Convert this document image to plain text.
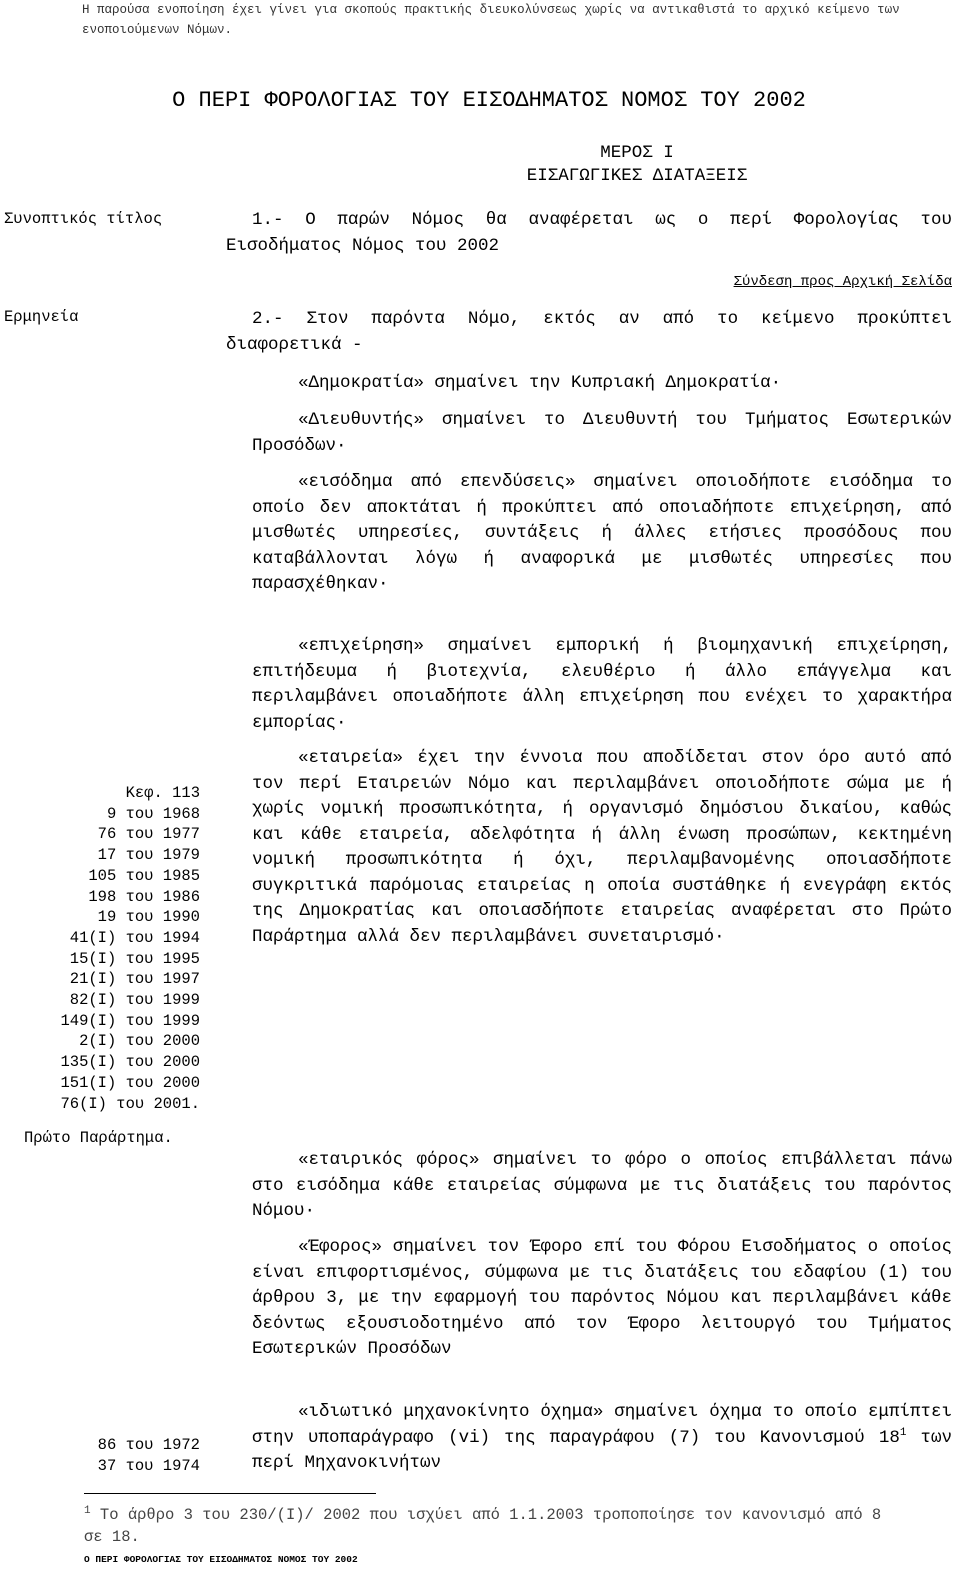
Η παρούσα ενοποίηση έχει γίνει για σκοπούς πρακτικής διευκολύνσεως χωρίς να αντικαθιστά το αρχικό κείμενο των ενοποιούμενων Νόμων.
Ο ΠΕΡΙ ΦΟΡΟΛΟΓΙΑΣ ΤΟΥ ΕΙΣΟΔΗΜΑΤΟΣ ΝΟΜΟΣ ΤΟΥ 2002
ΜΕΡΟΣ Ι
ΕΙΣΑΓΩΓΙΚΕΣ ΔΙΑΤΑΞΕΙΣ
Συνοπτικός τίτλος	1.- Ο παρών Νόμος θα αναφέρεται ως ο περί Φορολογίας του Εισοδήματος Νόμος του 2002
Σύνδεση προς Αρχική Σελίδα
Ερμηνεία	2.- Στον παρόντα Νόμο, εκτός αν από το κείμενο προκύπτει διαφορετικά -
«Δημοκρατία» σημαίνει την Κυπριακή Δημοκρατία·
«Διευθυντής» σημαίνει το Διευθυντή του Τμήματος Εσωτερικών Προσόδων·
«εισόδημα από επενδύσεις» σημαίνει οποιοδήποτε εισόδημα το οποίο δεν αποκτάται ή προκύπτει από οποιαδήποτε επιχείρηση, από μισθωτές υπηρεσίες, συντάξεις ή άλλες ετήσιες προσόδους που καταβάλλονται λόγω ή αναφορικά με μισθωτές υπηρεσίες που παρασχέθηκαν·
«επιχείρηση» σημαίνει εμπορική ή βιομηχανική επιχείρηση, επιτήδευμα ή βιοτεχνία, ελευθέριο ή άλλο επάγγελμα και περιλαμβάνει οποιαδήποτε άλλη επιχείρηση που ενέχει το χαρακτήρα εμπορίας·
«εταιρεία» έχει την έννοια που αποδίδεται στον όρο αυτό από τον περί Εταιρειών Νόμο και περιλαμβάνει οποιοδήποτε σώμα με ή χωρίς νομική προσωπικότητα, ή οργανισμό δημόσιου δικαίου, καθώς και κάθε εταιρεία, αδελφότητα ή άλλη ένωση προσώπων, κεκτημένη νομική προσωπικότητα ή όχι, περιλαμβανομένης οποιασδήποτε συγκριτικά παρόμοιας εταιρείας η οποία συστάθηκε ή ενεγράφη εκτός της Δημοκρατίας και οποιασδήποτε εταιρείας αναφέρεται στο Πρώτο Παράρτημα αλλά δεν περιλαμβάνει συνεταιρισμό·
Κεφ. 113
9 του 1968
76 του 1977
17 του 1979
105 του 1985
198 του 1986
19 του 1990
41(Ι) του 1994
15(Ι) του 1995
21(Ι) του 1997
82(Ι) του 1999
149(Ι) του 1999
2(Ι) του 2000
135(Ι) του 2000
151(Ι) του 2000
76(Ι) του 2001.
Πρώτο Παράρτημα.
«εταιρικός φόρος» σημαίνει το φόρο ο οποίος επιβάλλεται πάνω στο εισόδημα κάθε εταιρείας σύμφωνα με τις διατάξεις του παρόντος Νόμου·
«Έφορος» σημαίνει τον Έφορο επί του Φόρου Εισοδήματος ο οποίος είναι επιφορτισμένος, σύμφωνα με τις διατάξεις του εδαφίου (1) του άρθρου 3, με την εφαρμογή του παρόντος Νόμου και περιλαμβάνει κάθε δεόντως εξουσιοδοτημένο από τον Έφορο λειτουργό του Τμήματος Εσωτερικών Προσόδων
«ιδιωτικό μηχανοκίνητο όχημα» σημαίνει όχημα το οποίο εμπίπτει στην υποπαράγραφο (vi) της παραγράφου (7) του Κανονισμού 18$^1$ των περί Μηχανοκινήτων
86 του 1972
37 του 1974
$^1$ Το άρθρο 3 του 230/(Ι)/ 2002 που ισχύει από 1.1.2003 τροποποίησε τον κανονισμό από 8 σε 18.
Ο ΠΕΡΙ ΦΟΡΟΛΟΓΙΑΣ ΤΟΥ ΕΙΣΟΔΗΜΑΤΟΣ ΝΟΜΟΣ ΤΟΥ 2002
